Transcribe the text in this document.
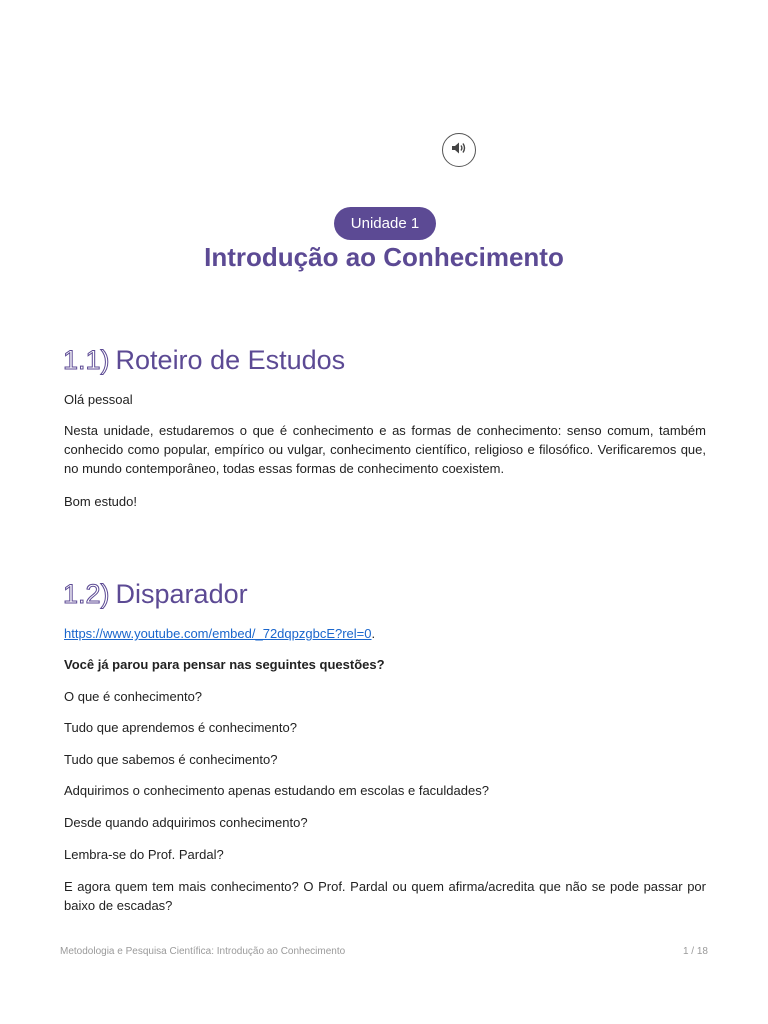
Unidade 1
Introdução ao Conhecimento
1.1) Roteiro de Estudos

Olá pessoal

Nesta unidade, estudaremos o que é conhecimento e as formas de conhecimento: senso comum, também conhecido como popular, empírico ou vulgar, conhecimento científico, religioso e filosófico. Verificaremos que, no mundo contemporâneo, todas essas formas de conhecimento coexistem.

Bom estudo!

1.2) Disparador

https://www.youtube.com/embed/_72dqpzgbcE?rel=0.

Você já parou para pensar nas seguintes questões?

O que é conhecimento?

Tudo que aprendemos é conhecimento?

Tudo que sabemos é conhecimento?

Adquirimos o conhecimento apenas estudando em escolas e faculdades?

Desde quando adquirimos conhecimento?

Lembra-se do Prof. Pardal?

E agora quem tem mais conhecimento? O Prof. Pardal ou quem afirma/acredita que não se pode passar por baixo de escadas?

Metodologia e Pesquisa Científica: Introdução ao Conhecimento	1 / 18
